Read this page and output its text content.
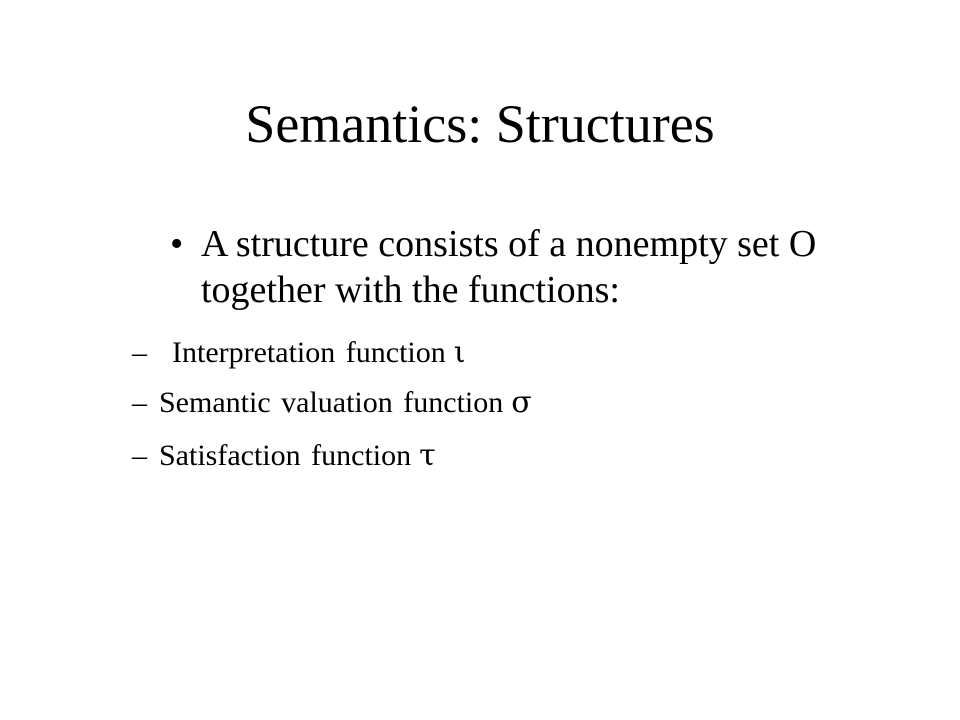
Semantics: Structures
• A structure consists of a nonempty set O together with the functions:
– Interpretation function ι
– Semantic valuation function σ
– Satisfaction function τ
